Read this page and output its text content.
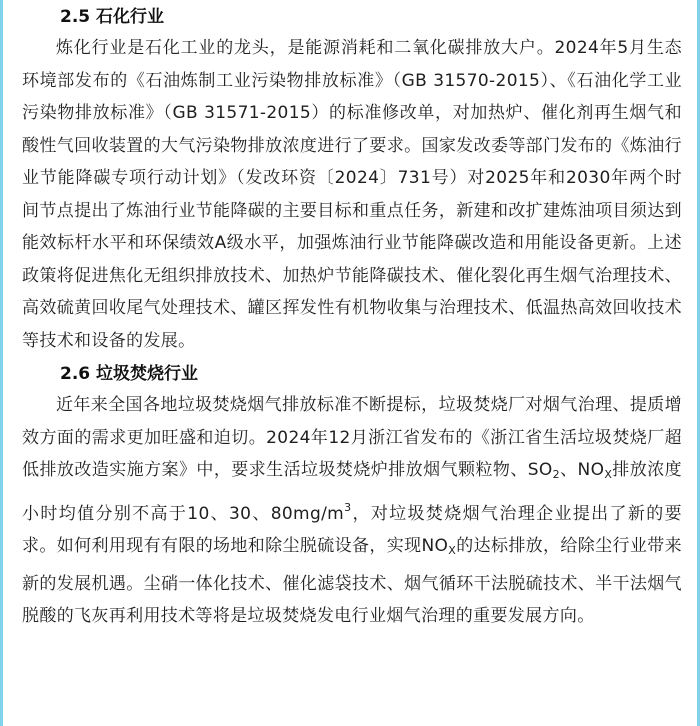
2.5 石化行业

炼化行业是石化工业的龙头，是能源消耗和二氧化碳排放大户。2024年5月生态环境部发布的《石油炼制工业污染物排放标准》（GB 31570-2015）、《石油化学工业污染物排放标准》（GB 31571-2015）的标准修改单，对加热炉、催化剂再生烟气和酸性气回收装置的大气污染物排放浓度进行了要求。国家发改委等部门发布的《炼油行业节能降碳专项行动计划》（发改环资〔2024〕731号）对2025年和2030年两个时间节点提出了炼油行业节能降碳的主要目标和重点任务，新建和改扩建炼油项目须达到能效标杆水平和环保绩效A级水平，加强炼油行业节能降碳改造和用能设备更新。上述政策将促进焦化无组织排放技术、加热炉节能降碳技术、催化裂化再生烟气治理技术、高效硫黄回收尾气处理技术、罐区挥发性有机物收集与治理技术、低温热高效回收技术等技术和设备的发展。

2.6 垃圾焚烧行业

近年来全国各地垃圾焚烧烟气排放标准不断提标，垃圾焚烧厂对烟气治理、提质增效方面的需求更加旺盛和迫切。2024年12月浙江省发布的《浙江省生活垃圾焚烧厂超低排放改造实施方案》中，要求生活垃圾焚烧炉排放烟气颗粒物、SO2、NOX排放浓度小时均值分别不高于10、30、$80mg/m^3$，对垃圾焚烧烟气治理企业提出了新的要求。如何利用现有有限的场地和除尘脱硫设备，实现NOX的达标排放，给除尘行业带来新的发展机遇。尘硝一体化技术、催化滤袋技术、烟气循环干法脱硫技术、半干法烟气脱酸的飞灰再利用技术等将是垃圾焚烧发电行业烟气治理的重要发展方向。
